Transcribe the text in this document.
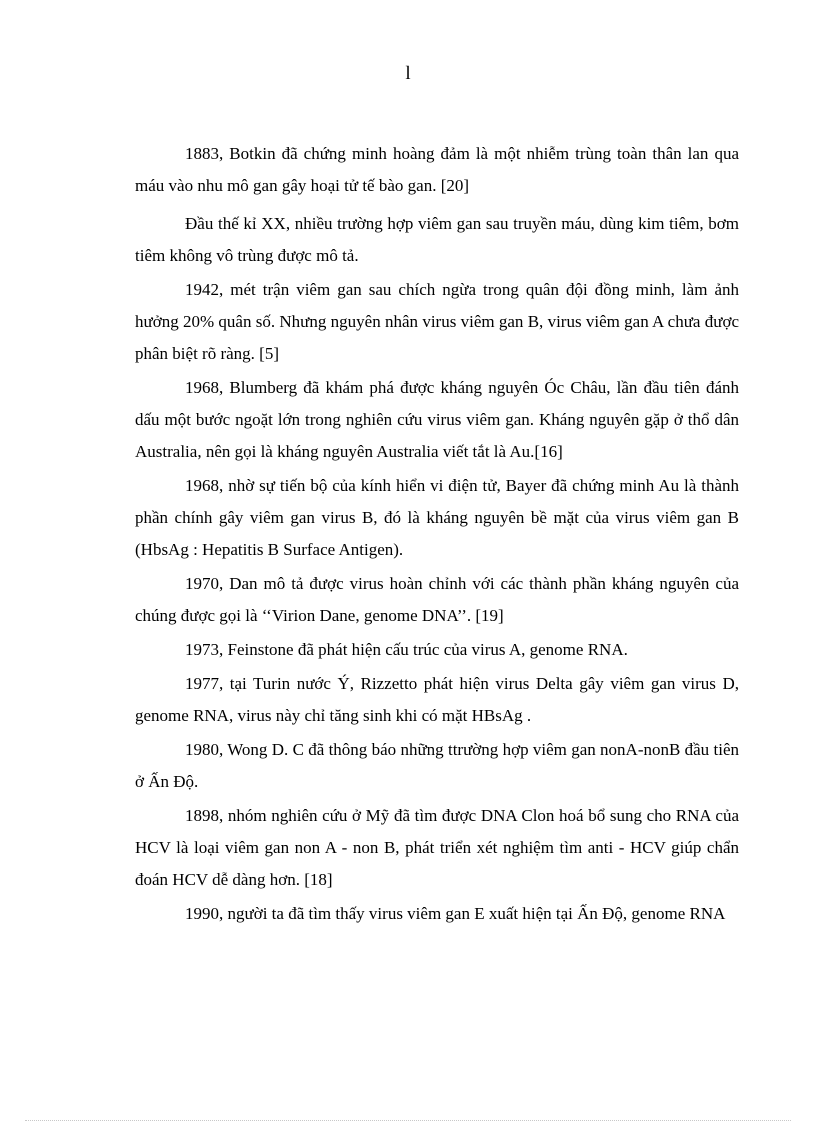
l

1883, Botkin đã chứng minh hoàng đảm là một nhiễm trùng toàn thân lan qua máu vào nhu mô gan gây hoại tử tế bào gan. [20]

Đầu thế kỉ XX, nhiều trường hợp viêm gan sau truyền máu, dùng kim tiêm, bơm tiêm không vô trùng được mô tả.

1942, mét trận viêm gan sau chích ngừa trong quân đội đồng minh, làm ảnh hưởng 20% quân số. Nhưng nguyên nhân virus viêm gan B, virus viêm gan A chưa được phân biệt rõ ràng. [5]

1968, Blumberg đã khám phá được kháng nguyên Óc Châu, lần đầu tiên đánh dấu một bước ngoặt lớn trong nghiên cứu virus viêm gan. Kháng nguyên gặp ở thổ dân Australia, nên gọi là kháng nguyên Australia viết tắt là Au.[16]

1968, nhờ sự tiến bộ của kính hiển vi điện tử, Bayer đã chứng minh Au là thành phần chính gây viêm gan virus B, đó là kháng nguyên bề mặt của virus viêm gan B (HbsAg : Hepatitis B Surface Antigen).

1970, Dan mô tả được virus hoàn chỉnh với các thành phần kháng nguyên của chúng được gọi là ‘‘Virion Dane, genome DNA’’. [19]

1973, Feinstone đã phát hiện cấu trúc của virus A, genome RNA.

1977, tại Turin nước Ý, Rizzetto phát hiện virus Delta gây viêm gan virus D, genome RNA, virus này chỉ tăng sinh khi có mặt HBsAg .

1980, Wong D. C đã thông báo những ttrường hợp viêm gan nonA-nonB đầu tiên ở Ấn Độ.

1898, nhóm nghiên cứu ở Mỹ đã tìm được DNA Clon hoá bổ sung cho RNA của HCV là loại viêm gan non A - non B, phát triển xét nghiệm tìm anti - HCV giúp chẩn đoán HCV dễ dàng hơn. [18]

1990, người ta đã tìm thấy virus viêm gan E xuất hiện tại Ấn Độ, genome RNA
